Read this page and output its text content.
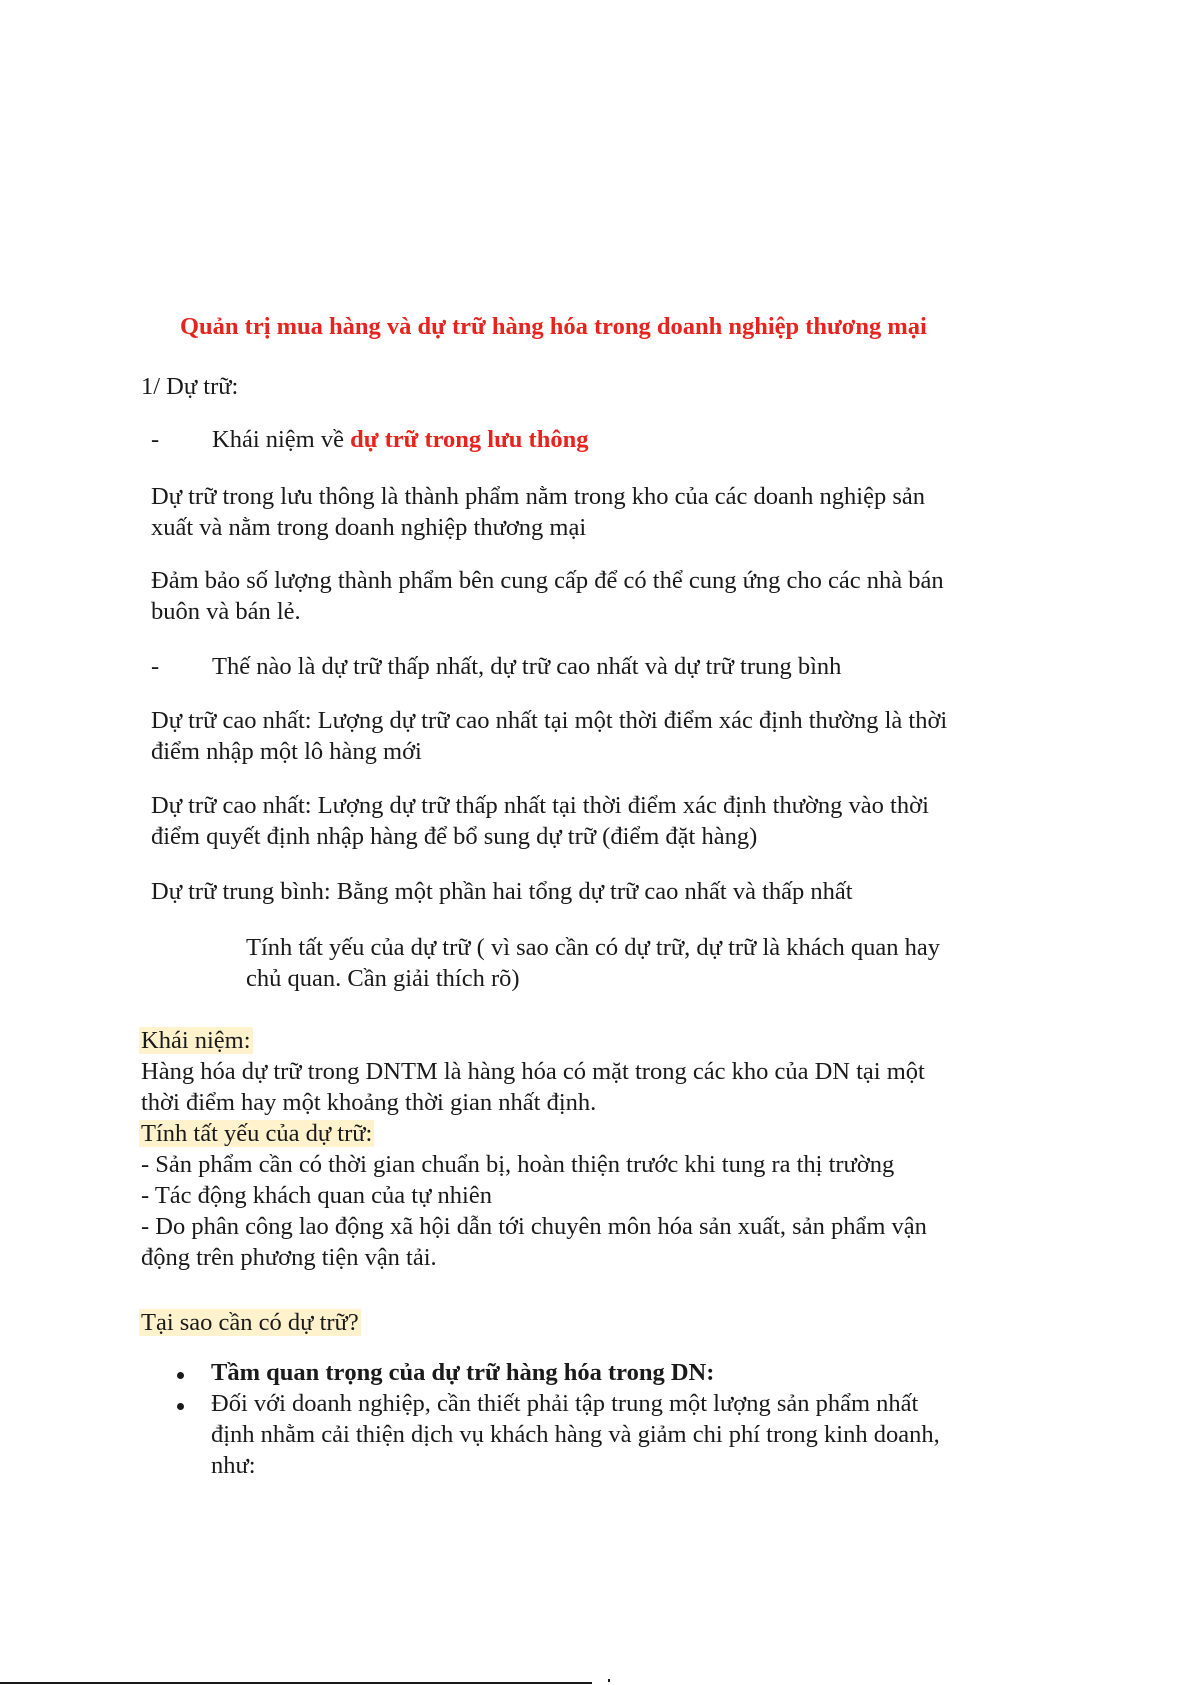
Quản trị mua hàng và dự trữ hàng hóa trong doanh nghiệp thương mại

1/ Dự trữ:

- Khái niệm về dự trữ trong lưu thông

Dự trữ trong lưu thông là thành phẩm nằm trong kho của các doanh nghiệp sản

xuất và nằm trong doanh nghiệp thương mại

Đảm bảo số lượng thành phẩm bên cung cấp để có thể cung ứng cho các nhà bán

buôn và bán lẻ.

- Thế nào là dự trữ thấp nhất, dự trữ cao nhất và dự trữ trung bình

Dự trữ cao nhất: Lượng dự trữ cao nhất tại một thời điểm xác định thường là thời

điểm nhập một lô hàng mới

Dự trữ cao nhất: Lượng dự trữ thấp nhất tại thời điểm xác định thường vào thời

điểm quyết định nhập hàng để bổ sung dự trữ (điểm đặt hàng)

Dự trữ trung bình: Bằng một phần hai tổng dự trữ cao nhất và thấp nhất

Tính tất yếu của dự trữ ( vì sao cần có dự trữ, dự trữ là khách quan hay

chủ quan. Cần giải thích rõ)

Khái niệm:

Hàng hóa dự trữ trong DNTM là hàng hóa có mặt trong các kho của DN tại một

thời điểm hay một khoảng thời gian nhất định.

Tính tất yếu của dự trữ:

- Sản phẩm cần có thời gian chuẩn bị, hoàn thiện trước khi tung ra thị trường

- Tác động khách quan của tự nhiên

- Do phân công lao động xã hội dẫn tới chuyên môn hóa sản xuất, sản phẩm vận

động trên phương tiện vận tải.

Tại sao cần có dự trữ?

Tầm quan trọng của dự trữ hàng hóa trong DN:

Đối với doanh nghiệp, cần thiết phải tập trung một lượng sản phẩm nhất

định nhằm cải thiện dịch vụ khách hàng và giảm chi phí trong kinh doanh,

như:
